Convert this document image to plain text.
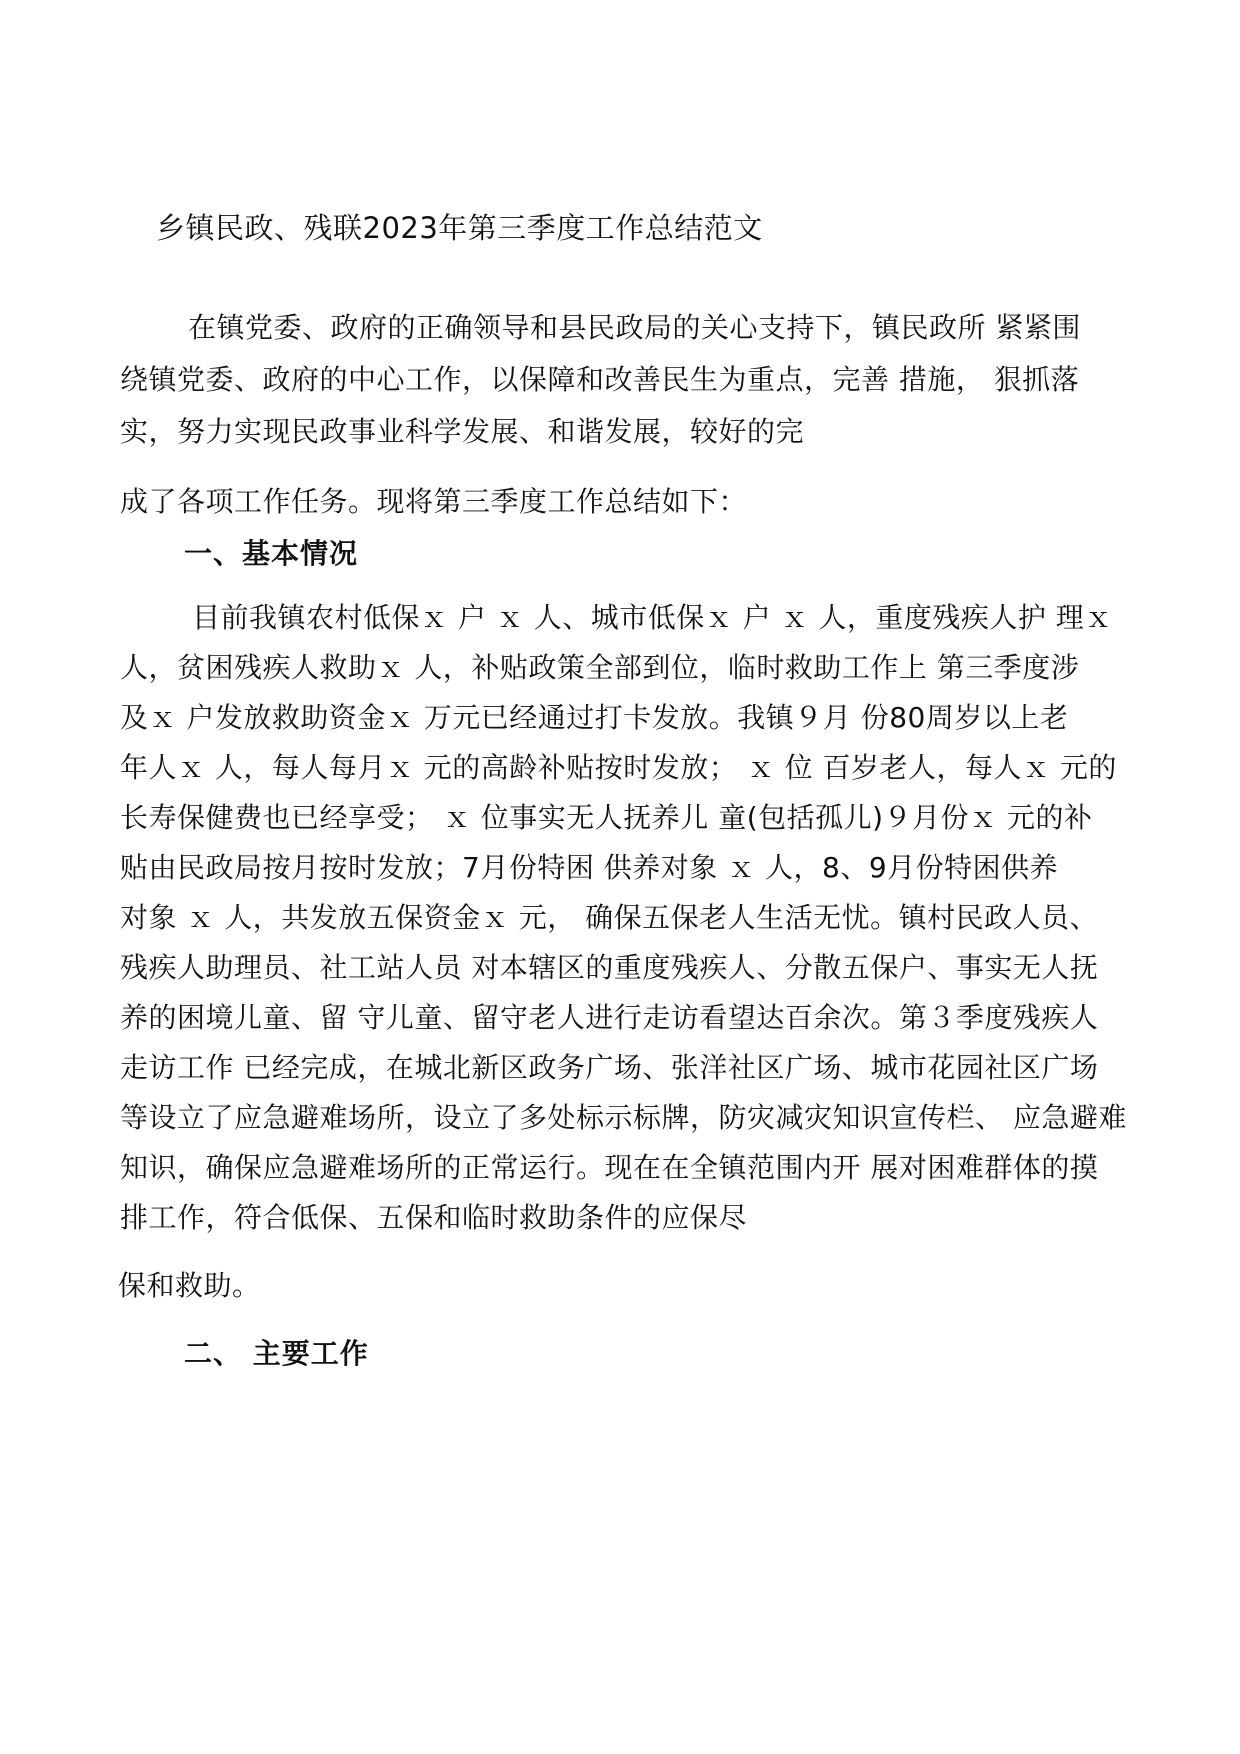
乡镇民政、残联2023年第三季度工作总结范文
在镇党委、政府的正确领导和县民政局的关心支持下，镇民政所 紧紧围
绕镇党委、政府的中心工作，以保障和改善民生为重点，完善 措施， 狠抓落
实，努力实现民政事业科学发展、和谐发展，较好的完
成了各项工作任务。现将第三季度工作总结如下：
一、基本情况
目前我镇农村低保ｘ 户 ｘ 人、城市低保ｘ 户 ｘ 人，重度残疾人护 理ｘ
人，贫困残疾人救助ｘ 人，补贴政策全部到位，临时救助工作上 第三季度涉
及ｘ 户发放救助资金ｘ 万元已经通过打卡发放。我镇９月 份80周岁以上老
年人ｘ 人，每人每月ｘ 元的高龄补贴按时发放； ｘ 位 百岁老人，每人ｘ 元的
长寿保健费也已经享受； ｘ 位事实无人抚养儿 童(包括孤儿)９月份ｘ 元的补
贴由民政局按月按时发放；7月份特困 供养对象 ｘ 人，8、9月份特困供养
对象 ｘ 人，共发放五保资金ｘ 元， 确保五保老人生活无忧。镇村民政人员、
残疾人助理员、社工站人员 对本辖区的重度残疾人、分散五保户、事实无人抚
养的困境儿童、留 守儿童、留守老人进行走访看望达百余次。第３季度残疾人
走访工作 已经完成，在城北新区政务广场、张洋社区广场、城市花园社区广场
等设立了应急避难场所，设立了多处标示标牌，防灾减灾知识宣传栏、 应急避难
知识，确保应急避难场所的正常运行。现在在全镇范围内开 展对困难群体的摸
排工作，符合低保、五保和临时救助条件的应保尽
保和救助。
二、 主要工作
